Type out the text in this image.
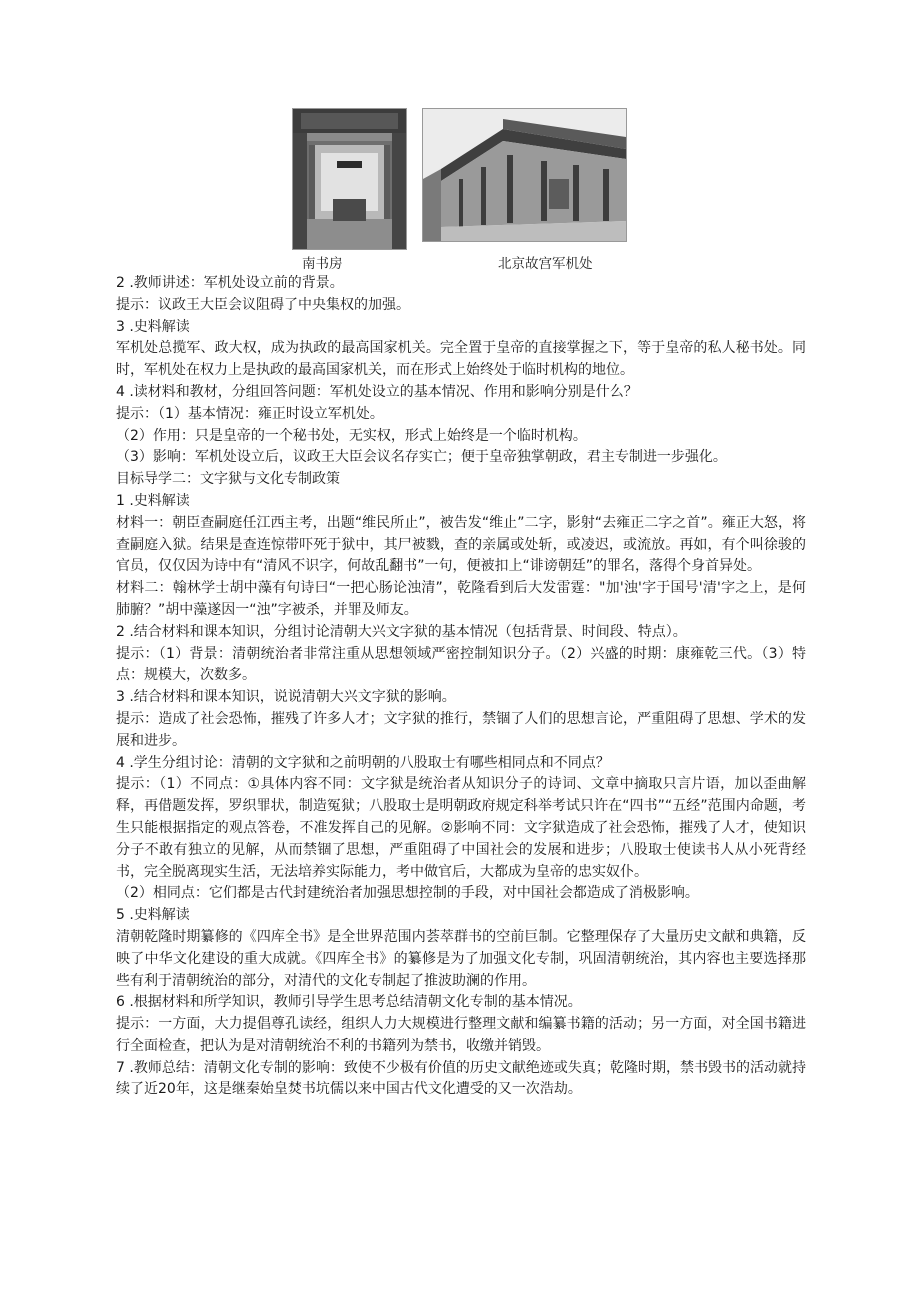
南书房	北京故宫军机处

2 .教师讲述：军机处设立前的背景。

提示：议政王大臣会议阻碍了中央集权的加强。

3 .史料解读

军机处总揽军、政大权，成为执政的最高国家机关。完全置于皇帝的直接掌握之下，等于皇帝的私人秘书处。同时，军机处在权力上是执政的最高国家机关，而在形式上始终处于临时机构的地位。

4 .读材料和教材，分组回答问题：军机处设立的基本情况、作用和影响分别是什么？

提示：（1）基本情况：雍正时设立军机处。

（2）作用：只是皇帝的一个秘书处，无实权，形式上始终是一个临时机构。

（3）影响：军机处设立后，议政王大臣会议名存实亡；便于皇帝独掌朝政，君主专制进一步强化。

目标导学二：文字狱与文化专制政策

1 .史料解读

材料一：朝臣查嗣庭任江西主考，出题“维民所止”，被告发“维止”二字，影射“去雍正二字之首”。雍正大怒，将查嗣庭入狱。结果是查连惊带吓死于狱中，其尸被戮，查的亲属或处斩，或凌迟，或流放。再如，有个叫徐骏的官员，仅仅因为诗中有“清风不识字，何故乱翻书”一句，便被扣上“诽谤朝廷”的罪名，落得个身首异处。

材料二：翰林学士胡中藻有句诗曰“一把心肠论浊清”，乾隆看到后大发雷霆："加'浊'字于国号'清'字之上，是何肺腑？”胡中藻遂因一“浊”字被杀，并罪及师友。

2 .结合材料和课本知识，分组讨论清朝大兴文字狱的基本情况（包括背景、时间段、特点）。

提示：（1）背景：清朝统治者非常注重从思想领域严密控制知识分子。（2）兴盛的时期：康雍乾三代。（3）特点：规模大，次数多。

3 .结合材料和课本知识，说说清朝大兴文字狱的影响。

提示：造成了社会恐怖，摧残了许多人才；文字狱的推行，禁锢了人们的思想言论，严重阻碍了思想、学术的发展和进步。

4 .学生分组讨论：清朝的文字狱和之前明朝的八股取士有哪些相同点和不同点？

提示：（1）不同点：①具体内容不同：文字狱是统治者从知识分子的诗词、文章中摘取只言片语，加以歪曲解释，再借题发挥，罗织罪状，制造冤狱；八股取士是明朝政府规定科举考试只许在“四书”“五经”范围内命题，考生只能根据指定的观点答卷，不准发挥自己的见解。②影响不同：文字狱造成了社会恐怖，摧残了人才，使知识分子不敢有独立的见解，从而禁锢了思想，严重阻碍了中国社会的发展和进步；八股取士使读书人从小死背经书，完全脱离现实生活，无法培养实际能力，考中做官后，大都成为皇帝的忠实奴仆。

（2）相同点：它们都是古代封建统治者加强思想控制的手段，对中国社会都造成了消极影响。

5 .史料解读

清朝乾隆时期纂修的《四库全书》是全世界范围内荟萃群书的空前巨制。它整理保存了大量历史文献和典籍，反映了中华文化建设的重大成就。《四库全书》的纂修是为了加强文化专制，巩固清朝统治，其内容也主要选择那些有利于清朝统治的部分，对清代的文化专制起了推波助澜的作用。

6 .根据材料和所学知识，教师引导学生思考总结清朝文化专制的基本情况。

提示：一方面，大力提倡尊孔读经，组织人力大规模进行整理文献和编纂书籍的活动；另一方面，对全国书籍进行全面检查，把认为是对清朝统治不利的书籍列为禁书，收缴并销毁。

7 .教师总结：清朝文化专制的影响：致使不少极有价值的历史文献绝迹或失真；乾隆时期，禁书毁书的活动就持续了近20年，这是继秦始皇焚书坑儒以来中国古代文化遭受的又一次浩劫。
